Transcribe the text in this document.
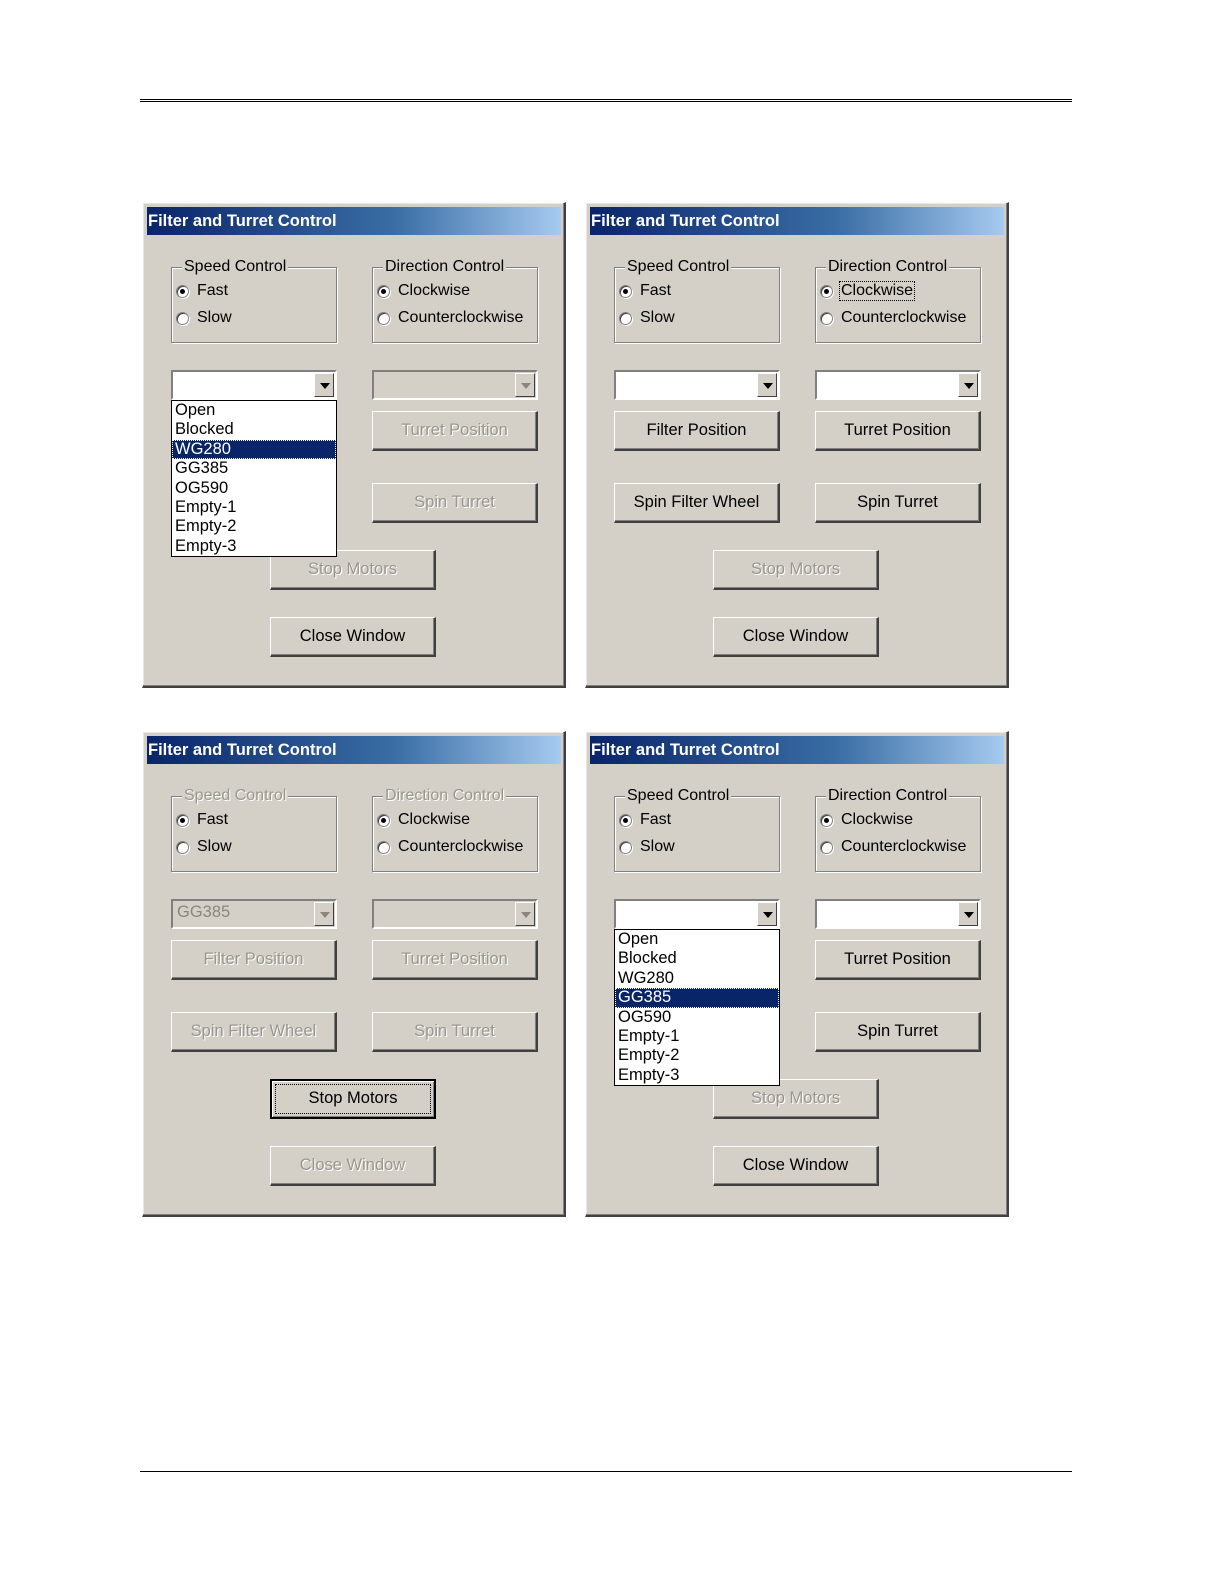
Filter and Turret Control
Speed Control
Fast
Slow
Direction Control
Clockwise
Counterclockwise
Turret Position
Spin Turret
Stop Motors
Close Window
Open
Blocked
WG280
GG385
OG590
Empty-1
Empty-2
Empty-3
Filter and Turret Control
Speed Control
Fast
Slow
Direction Control
Clockwise
Counterclockwise
Filter Position	Turret Position
Spin Filter Wheel	Spin Turret
Stop Motors
Close Window
Filter and Turret Control
Speed Control
Fast
Slow
Direction Control
Clockwise
Counterclockwise
GG385
Filter Position	Turret Position
Spin Filter Wheel	Spin Turret
Stop Motors
Close Window
Filter and Turret Control
Speed Control
Fast
Slow
Direction Control
Clockwise
Counterclockwise
Turret Position
Spin Turret
Stop Motors
Close Window
Open
Blocked
WG280
GG385
OG590
Empty-1
Empty-2
Empty-3
